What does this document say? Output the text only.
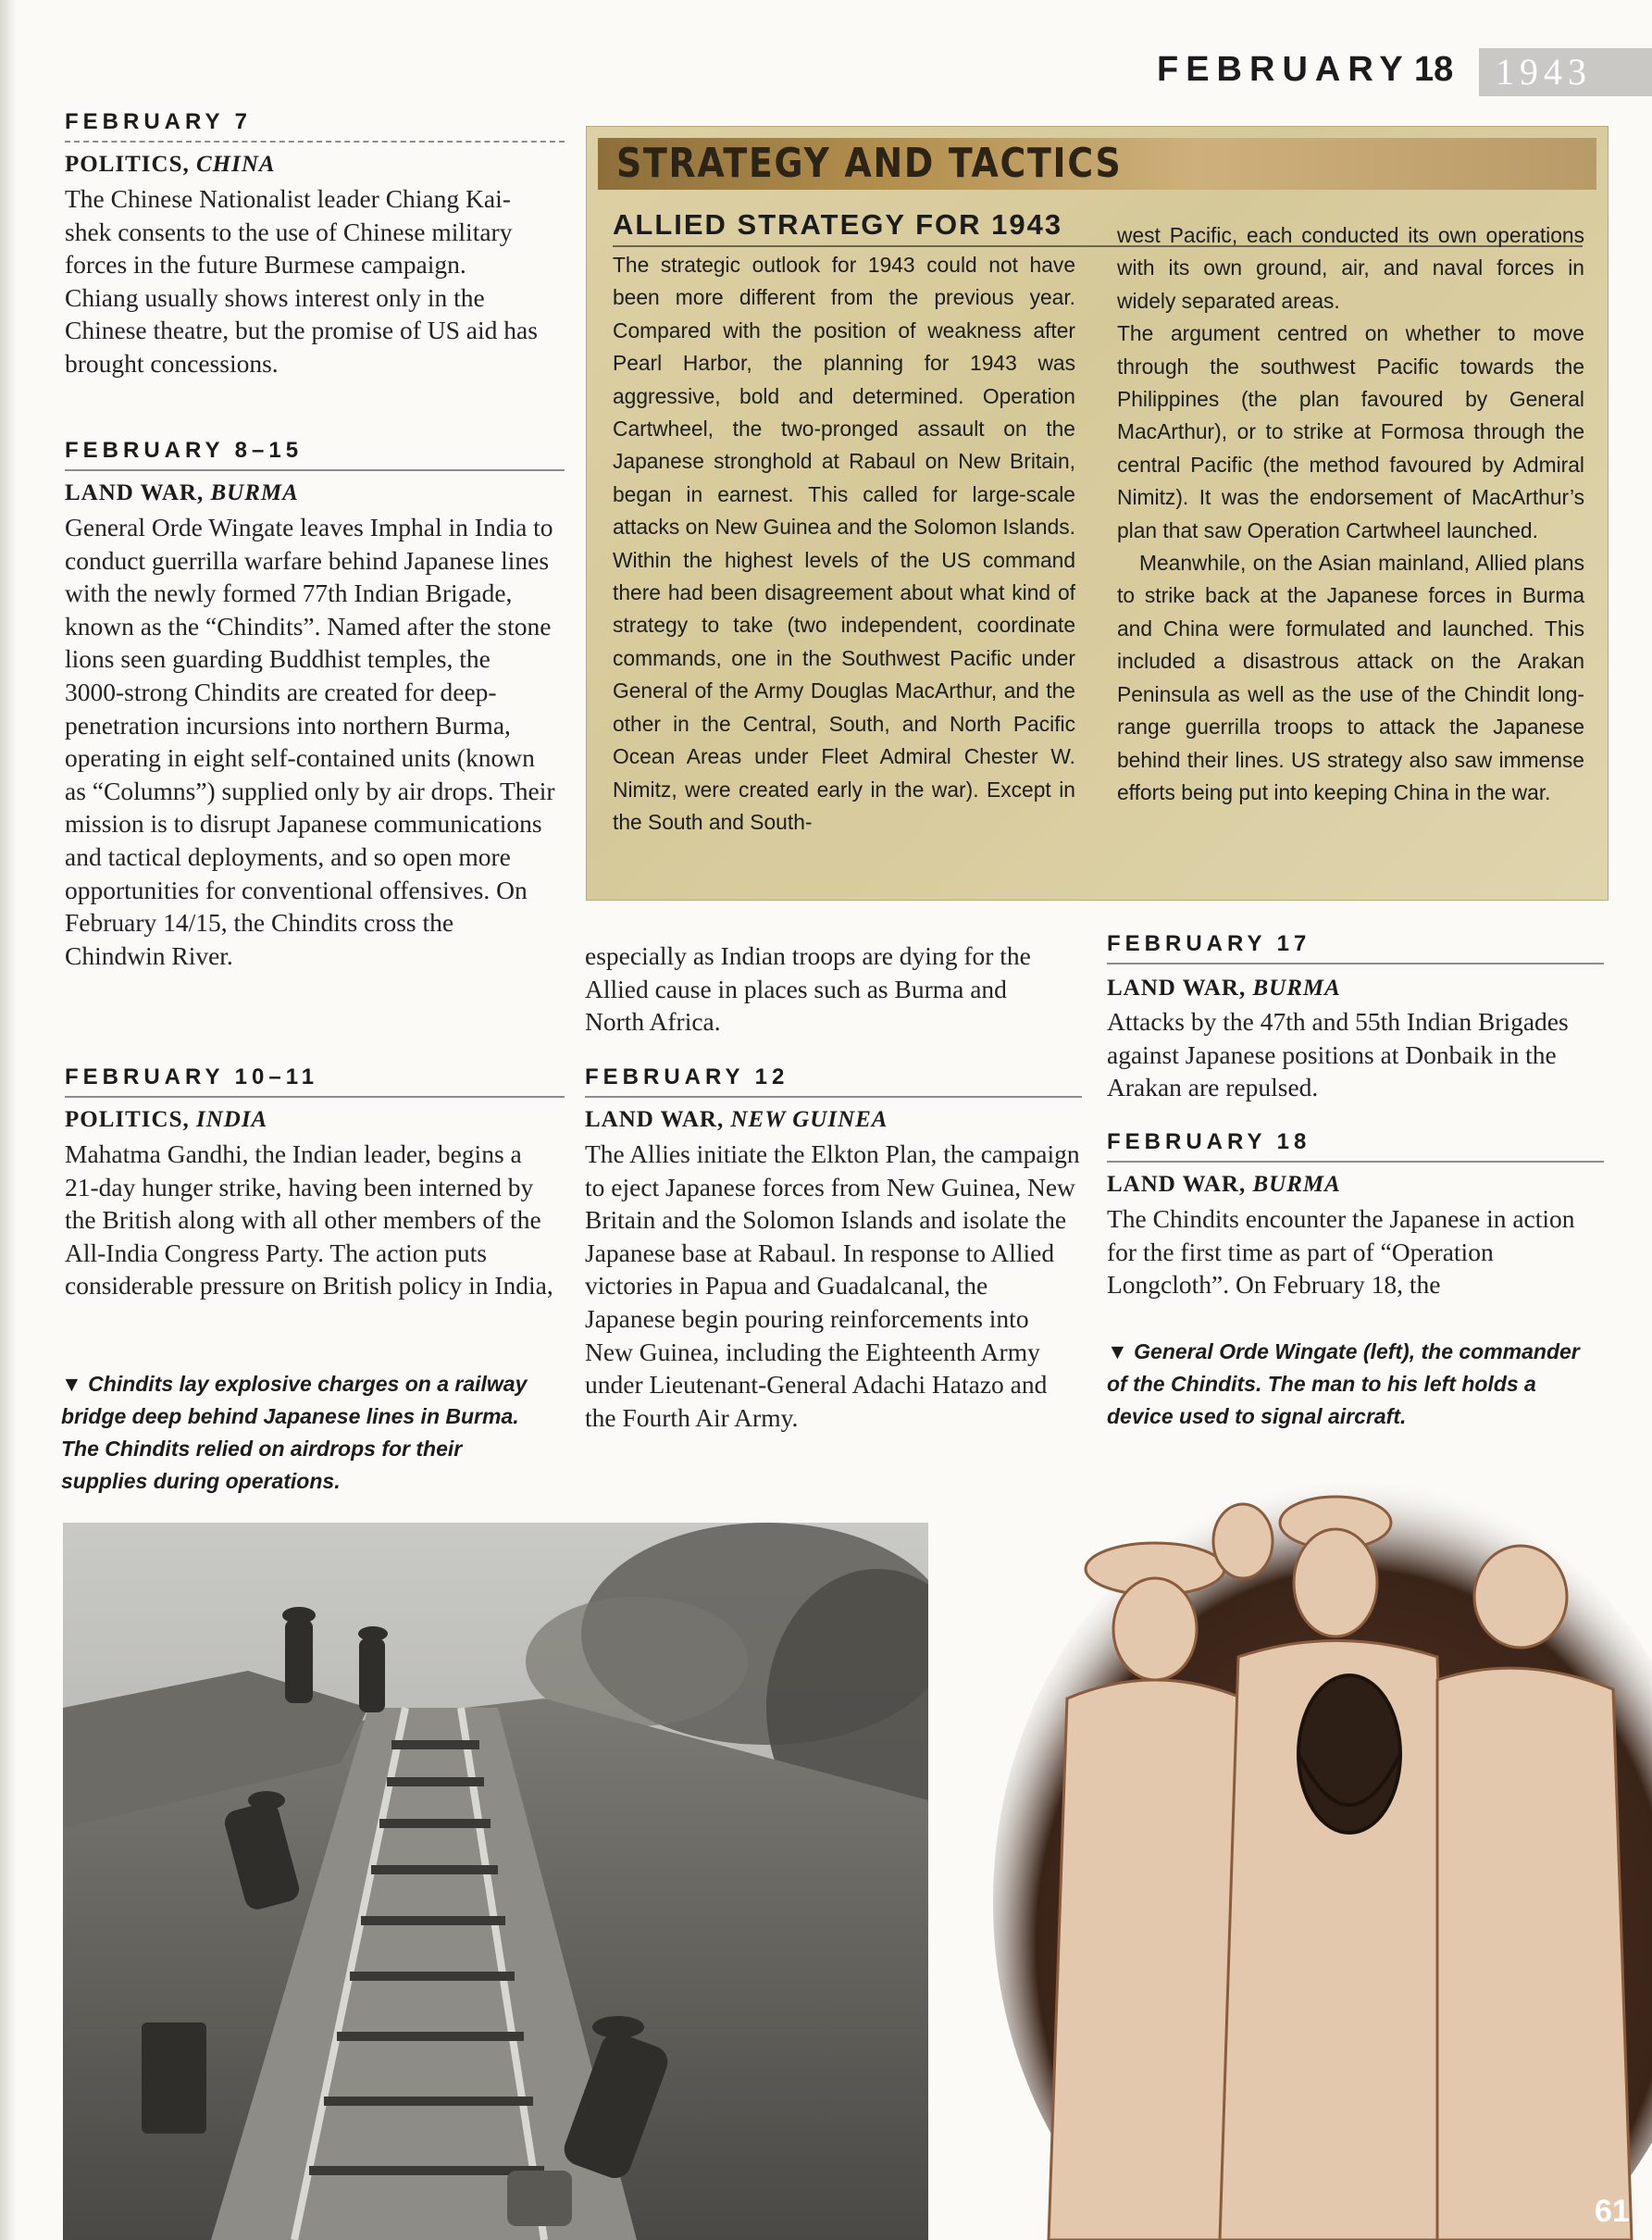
FEBRUARY 18 1943
FEBRUARY 7
POLITICS, CHINA
The Chinese Nationalist leader Chiang Kai-shek consents to the use of Chinese military forces in the future Burmese campaign. Chiang usually shows interest only in the Chinese theatre, but the promise of US aid has brought concessions.
FEBRUARY 8–15
LAND WAR, BURMA
General Orde Wingate leaves Imphal in India to conduct guerrilla warfare behind Japanese lines with the newly formed 77th Indian Brigade, known as the “Chindits”. Named after the stone lions seen guarding Buddhist temples, the 3000-strong Chindits are created for deep-penetration incursions into northern Burma, operating in eight self-contained units (known as “Columns”) supplied only by air drops. Their mission is to disrupt Japanese communications and tactical deployments, and so open more opportunities for conventional offensives. On February 14/15, the Chindits cross the Chindwin River.
FEBRUARY 10–11
POLITICS, INDIA
Mahatma Gandhi, the Indian leader, begins a 21-day hunger strike, having been interned by the British along with all other members of the All-India Congress Party. The action puts considerable pressure on British policy in India,
▼ Chindits lay explosive charges on a railway bridge deep behind Japanese lines in Burma. The Chindits relied on airdrops for their supplies during operations.
STRATEGY AND TACTICS
ALLIED STRATEGY FOR 1943

The strategic outlook for 1943 could not have been more different from the previous year. Compared with the position of weakness after Pearl Harbor, the planning for 1943 was aggressive, bold and determined. Operation Cartwheel, the two-pronged assault on the Japanese stronghold at Rabaul on New Britain, began in earnest. This called for large-scale attacks on New Guinea and the Solomon Islands. Within the highest levels of the US command there had been disagreement about what kind of strategy to take (two independent, coordinate commands, one in the Southwest Pacific under General of the Army Douglas MacArthur, and the other in the Central, South, and North Pacific Ocean Areas under Fleet Admiral Chester W. Nimitz, were created early in the war). Except in the South and South-

west Pacific, each conducted its own operations with its own ground, air, and naval forces in widely separated areas.

The argument centred on whether to move through the southwest Pacific towards the Philippines (the plan favoured by General MacArthur), or to strike at Formosa through the central Pacific (the method favoured by Admiral Nimitz). It was the endorsement of MacArthur’s plan that saw Operation Cartwheel launched.

Meanwhile, on the Asian mainland, Allied plans to strike back at the Japanese forces in Burma and China were formulated and launched. This included a disastrous attack on the Arakan Peninsula as well as the use of the Chindit long-range guerrilla troops to attack the Japanese behind their lines. US strategy also saw immense efforts being put into keeping China in the war.

especially as Indian troops are dying for the Allied cause in places such as Burma and North Africa.
FEBRUARY 12
LAND WAR, NEW GUINEA
The Allies initiate the Elkton Plan, the campaign to eject Japanese forces from New Guinea, New Britain and the Solomon Islands and isolate the Japanese base at Rabaul. In response to Allied victories in Papua and Guadalcanal, the Japanese begin pouring reinforcements into New Guinea, including the Eighteenth Army under Lieutenant-General Adachi Hatazo and the Fourth Air Army.
FEBRUARY 17
LAND WAR, BURMA
Attacks by the 47th and 55th Indian Brigades against Japanese positions at Donbaik in the Arakan are repulsed.
FEBRUARY 18
LAND WAR, BURMA
The Chindits encounter the Japanese in action for the first time as part of “Operation Longcloth”. On February 18, the
▼ General Orde Wingate (left), the commander of the Chindits. The man to his left holds a device used to signal aircraft.
61
